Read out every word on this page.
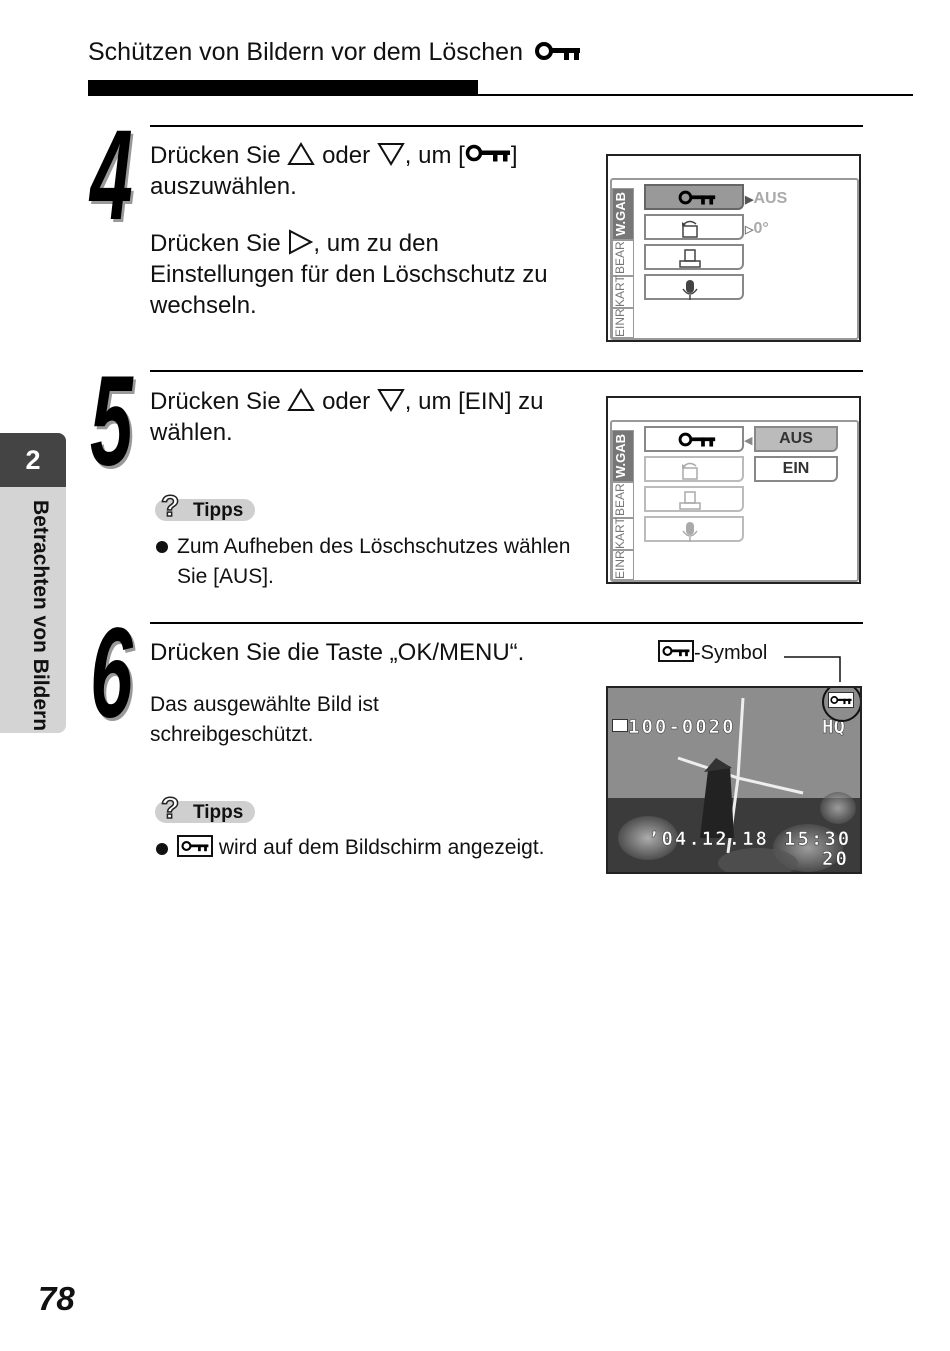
Schützen von Bildern vor dem Löschen
2
Betrachten von Bildern
4 Drücken Sie oder , um [ ]
auszuwählen.
Drücken Sie , um zu den
Einstellungen für den Löschschutz zu
wechseln.
W.GAB
BEAR
KART
EINR
▶AUS
▷0°
5 Drücken Sie oder , um [EIN] zu
wählen.
? Tipps
Zum Aufheben des Löschschutzes wählen
Sie [AUS].
W.GAB
BEAR
KART
EINR
◀	AUS
EIN
6 Drücken Sie die Taste „OK/MENU“.
Das ausgewählte Bild ist
schreibgeschützt.
? Tipps
wird auf dem Bildschirm angezeigt.
-Symbol
100-0020	HQ
’04.12.18 15:30
20
78
